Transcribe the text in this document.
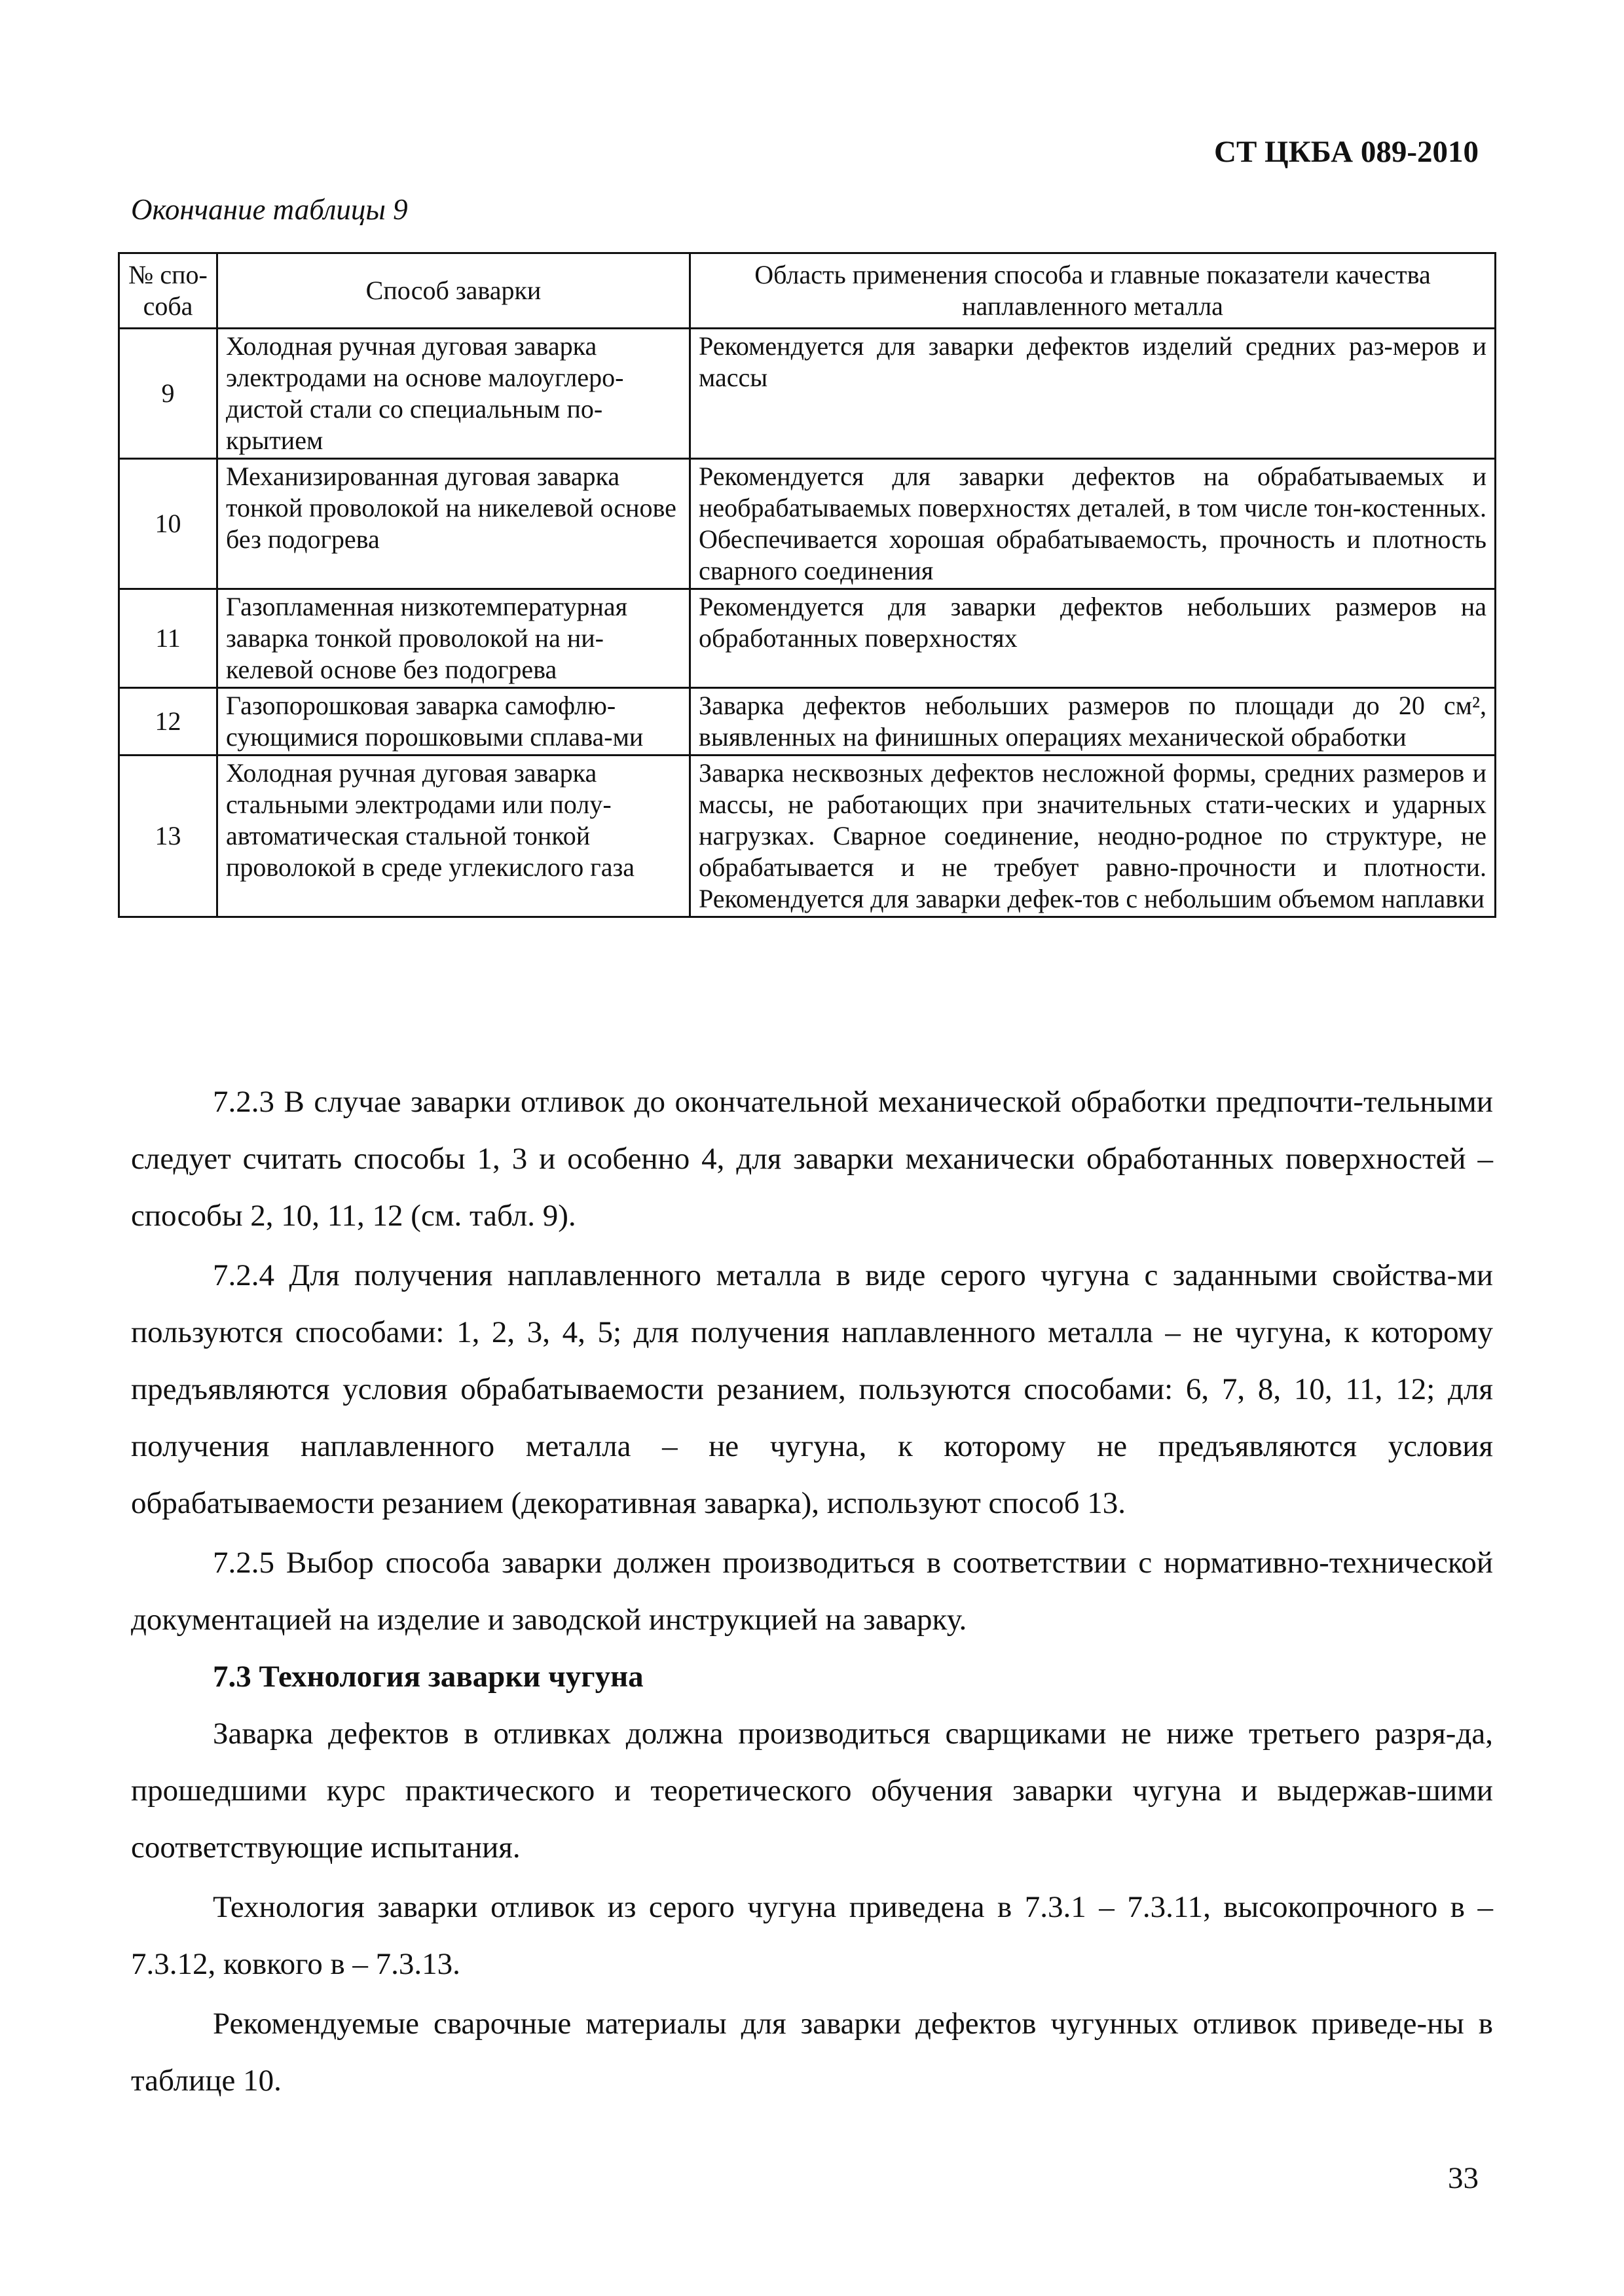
СТ ЦКБА 089-2010
Окончание таблицы 9
№ спо-соба	Способ заварки	Область применения способа и главные показатели качества наплавленного металла
9	Холодная ручная дуговая заварка электродами на основе малоуглеро-дистой стали со специальным по-крытием	Рекомендуется для заварки дефектов изделий средних раз-меров и массы
10	Механизированная дуговая заварка тонкой проволокой на никелевой основе без подогрева	Рекомендуется для заварки дефектов на обрабатываемых и необрабатываемых поверхностях деталей, в том числе тон-костенных. Обеспечивается хорошая обрабатываемость, прочность и плотность сварного соединения
11	Газопламенная низкотемпературная заварка тонкой проволокой на ни-келевой основе без подогрева	Рекомендуется для заварки дефектов небольших размеров на обработанных поверхностях
12	Газопорошковая заварка самофлю-сующимися порошковыми сплава-ми	Заварка дефектов небольших размеров по площади до 20 см², выявленных на финишных операциях механической обработки
13	Холодная ручная дуговая заварка стальными электродами или полу-автоматическая стальной тонкой проволокой в среде углекислого газа	Заварка несквозных дефектов несложной формы, средних размеров и массы, не работающих при значительных стати-ческих и ударных нагрузках. Сварное соединение, неодно-родное по структуре, не обрабатывается и не требует равно-прочности и плотности. Рекомендуется для заварки дефек-тов с небольшим объемом наплавки

7.2.3 В случае заварки отливок до окончательной механической обработки предпочти-тельными следует считать способы 1, 3 и особенно 4, для заварки механически обработанных поверхностей – способы 2, 10, 11, 12 (см. табл. 9).

7.2.4 Для получения наплавленного металла в виде серого чугуна с заданными свойства-ми пользуются способами: 1, 2, 3, 4, 5; для получения наплавленного металла – не чугуна, к которому предъявляются условия обрабатываемости резанием, пользуются способами: 6, 7, 8, 10, 11, 12; для получения наплавленного металла – не чугуна, к которому не предъявляются условия обрабатываемости резанием (декоративная заварка), используют способ 13.

7.2.5 Выбор способа заварки должен производиться в соответствии с нормативно-технической документацией на изделие и заводской инструкцией на заварку.

7.3 Технология заварки чугуна

Заварка дефектов в отливках должна производиться сварщиками не ниже третьего разря-да, прошедшими курс практического и теоретического обучения заварки чугуна и выдержав-шими соответствующие испытания.

Технология заварки отливок из серого чугуна приведена в 7.3.1 – 7.3.11, высокопрочного в – 7.3.12, ковкого в – 7.3.13.

Рекомендуемые сварочные материалы для заварки дефектов чугунных отливок приведе-ны в таблице 10.

33
